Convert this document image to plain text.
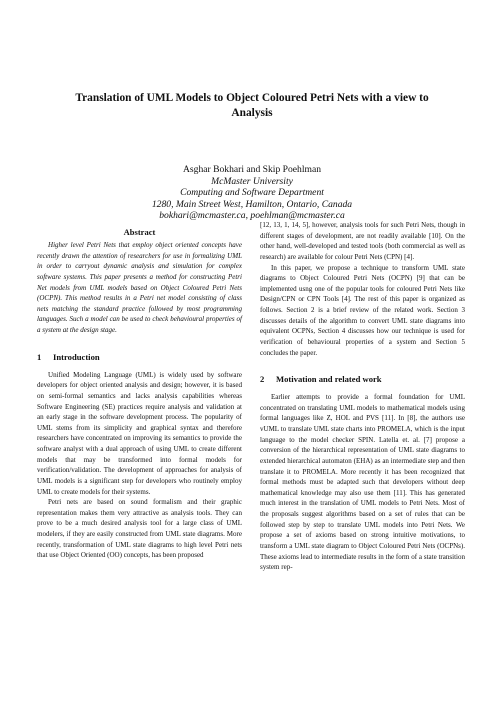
Translation of UML Models to Object Coloured Petri Nets with a view to
Analysis
Asghar Bokhari and Skip Poehlman
McMaster University
Computing and Software Department
1280, Main Street West, Hamilton, Ontario, Canada
bokhari@mcmaster.ca, poehlman@mcmaster.ca
Abstract

Higher level Petri Nets that employ object oriented concepts have recently drawn the attention of researchers for use in formalizing UML in order to carryout dynamic analysis and simulation for complex software systems. This paper presents a method for constructing Petri Net models from UML models based on Object Coloured Petri Nets (OCPN). This method results in a Petri net model consisting of class nets matching the standard practice followed by most programming languages. Such a model can be used to check behavioural properties of a system at the design stage.

1 Introduction

Unified Modeling Language (UML) is widely used by software developers for object oriented analysis and design; however, it is based on semi-formal semantics and lacks analysis capabilities whereas Software Engineering (SE) practices require analysis and validation at an early stage in the software development process. The popularity of UML stems from its simplicity and graphical syntax and therefore researchers have concentrated on improving its semantics to provide the software analyst with a dual approach of using UML to create different models that may be transformed into formal models for verification/validation. The development of approaches for analysis of UML models is a significant step for developers who routinely employ UML to create models for their systems.

Petri nets are based on sound formalism and their graphic representation makes them very attractive as analysis tools. They can prove to be a much desired analysis tool for a large class of UML modelers, if they are easily constructed from UML state diagrams. More recently, transformation of UML state diagrams to high level Petri nets that use Object Oriented (OO) concepts, has been proposed

[12, 13, 1, 14, 5], however, analysis tools for such Petri Nets, though in different stages of development, are not readily available [10]. On the other hand, well-developed and tested tools (both commercial as well as research) are available for colour Petri Nets (CPN) [4].

In this paper, we propose a technique to transform UML state diagrams to Object Coloured Petri Nets (OCPN) [9] that can be implemented usng one of the popular tools for coloured Petri Nets like Design/CPN or CPN Tools [4]. The rest of this paper is organized as follows. Section 2 is a brief review of the related work. Section 3 discusses details of the algorithm to convert UML state diagrams into equivalent OCPNs, Section 4 discusses how our technique is used for verification of behavioural properties of a system and Section 5 concludes the paper.

2 Motivation and related work

Earlier attempts to provide a formal foundation for UML concentrated on translating UML models to mathematical models using formal languages like Z, HOL and PVS [11]. In [8], the authors use vUML to translate UML state charts into PROMELA, which is the input language to the model checker SPIN. Latella et. al. [7] propose a conversion of the hierarchical representation of UML state diagrams to extended hierarchical automaton (EHA) as an intermediate step and then translate it to PROMELA. More recently it has been recognized that formal methods must be adapted such that developers without deep mathematical knowledge may also use them [11]. This has generated much interest in the translation of UML models to Petri Nets. Most of the proposals suggest algorithms based on a set of rules that can be followed step by step to translate UML models into Petri Nets. We propose a set of axioms based on strong intuitive motivations, to transform a UML state diagram to Object Coloured Petri Nets (OCPNs). These axioms lead to intermediate results in the form of a state transition system rep-
